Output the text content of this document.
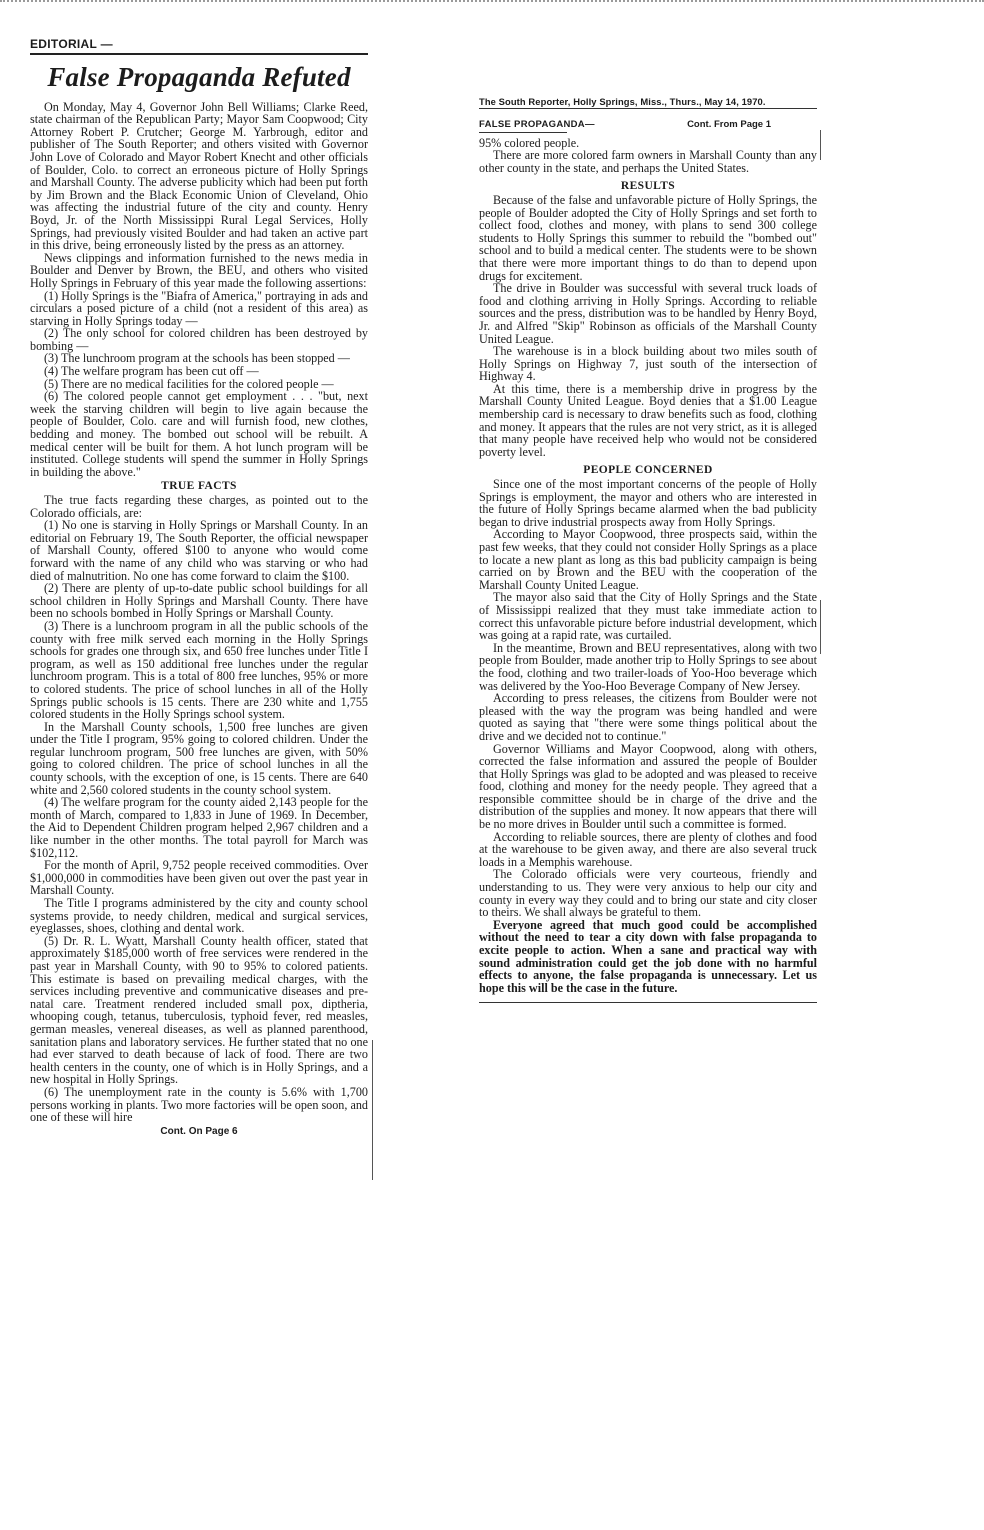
EDITORIAL —
False Propaganda Refuted

On Monday, May 4, Governor John Bell Williams; Clarke Reed, state chairman of the Republican Party; Mayor Sam Coopwood; City Attorney Robert P. Crutcher; George M. Yarbrough, editor and publisher of The South Reporter; and others visited with Governor John Love of Colorado and Mayor Robert Knecht and other officials of Boulder, Colo. to correct an erroneous picture of Holly Springs and Marshall County. The adverse publicity which had been put forth by Jim Brown and the Black Economic Union of Cleveland, Ohio was affecting the industrial future of the city and county. Henry Boyd, Jr. of the North Mississippi Rural Legal Services, Holly Springs, had previously visited Boulder and had taken an active part in this drive, being erroneously listed by the press as an attorney.

News clippings and information furnished to the news media in Boulder and Denver by Brown, the BEU, and others who visited Holly Springs in February of this year made the following assertions:

(1) Holly Springs is the "Biafra of America," portraying in ads and circulars a posed picture of a child (not a resident of this area) as starving in Holly Springs today —

(2) The only school for colored children has been destroyed by bombing —

(3) The lunchroom program at the schools has been stopped —

(4) The welfare program has been cut off —

(5) There are no medical facilities for the colored people —

(6) The colored people cannot get employment . . . "but, next week the starving children will begin to live again because the people of Boulder, Colo. care and will furnish food, new clothes, bedding and money. The bombed out school will be rebuilt. A medical center will be built for them. A hot lunch program will be instituted. College students will spend the summer in Holly Springs in building the above."

TRUE FACTS

The true facts regarding these charges, as pointed out to the Colorado officials, are:

(1) No one is starving in Holly Springs or Marshall County. In an editorial on February 19, The South Reporter, the official newspaper of Marshall County, offered $100 to anyone who would come forward with the name of any child who was starving or who had died of malnutrition. No one has come forward to claim the $100.

(2) There are plenty of up-to-date public school buildings for all school children in Holly Springs and Marshall County. There have been no schools bombed in Holly Springs or Marshall County.

(3) There is a lunchroom program in all the public schools of the county with free milk served each morning in the Holly Springs schools for grades one through six, and 650 free lunches under Title I program, as well as 150 additional free lunches under the regular lunchroom program. This is a total of 800 free lunches, 95% or more to colored students. The price of school lunches in all of the Holly Springs public schools is 15 cents. There are 230 white and 1,755 colored students in the Holly Springs school system.

In the Marshall County schools, 1,500 free lunches are given under the Title I program, 95% going to colored children. Under the regular lunchroom program, 500 free lunches are given, with 50% going to colored children. The price of school lunches in all the county schools, with the exception of one, is 15 cents. There are 640 white and 2,560 colored students in the county school system.

(4) The welfare program for the county aided 2,143 people for the month of March, compared to 1,833 in June of 1969. In December, the Aid to Dependent Children program helped 2,967 children and a like number in the other months. The total payroll for March was $102,112.

For the month of April, 9,752 people received commodities. Over $1,000,000 in commodities have been given out over the past year in Marshall County.

The Title I programs administered by the city and county school systems provide, to needy children, medical and surgical services, eyeglasses, shoes, clothing and dental work.

(5) Dr. R. L. Wyatt, Marshall County health officer, stated that approximately $185,000 worth of free services were rendered in the past year in Marshall County, with 90 to 95% to colored patients. This estimate is based on prevailing medical charges, with the services including preventive and communicative diseases and pre-natal care. Treatment rendered included small pox, diptheria, whooping cough, tetanus, tuberculosis, typhoid fever, red measles, german measles, venereal diseases, as well as planned parenthood, sanitation plans and laboratory services. He further stated that no one had ever starved to death because of lack of food. There are two health centers in the county, one of which is in Holly Springs, and a new hospital in Holly Springs.

(6) The unemployment rate in the county is 5.6% with 1,700 persons working in plants. Two more factories will be open soon, and one of these will hire

Cont. On Page 6
The South Reporter, Holly Springs, Miss., Thurs., May 14, 1970.
FALSE PROPAGANDA—	Cont. From Page 1

95% colored people.

There are more colored farm owners in Marshall County than any other county in the state, and perhaps the United States.

RESULTS

Because of the false and unfavorable picture of Holly Springs, the people of Boulder adopted the City of Holly Springs and set forth to collect food, clothes and money, with plans to send 300 college students to Holly Springs this summer to rebuild the "bombed out" school and to build a medical center. The students were to be shown that there were more important things to do than to depend upon drugs for excitement.

The drive in Boulder was successful with several truck loads of food and clothing arriving in Holly Springs. According to reliable sources and the press, distribution was to be handled by Henry Boyd, Jr. and Alfred "Skip" Robinson as officials of the Marshall County United League.

The warehouse is in a block building about two miles south of Holly Springs on Highway 7, just south of the intersection of Highway 4.

At this time, there is a membership drive in progress by the Marshall County United League. Boyd denies that a $1.00 League membership card is necessary to draw benefits such as food, clothing and money. It appears that the rules are not very strict, as it is alleged that many people have received help who would not be considered poverty level.

PEOPLE CONCERNED

Since one of the most important concerns of the people of Holly Springs is employment, the mayor and others who are interested in the future of Holly Springs became alarmed when the bad publicity began to drive industrial prospects away from Holly Springs.

According to Mayor Coopwood, three prospects said, within the past few weeks, that they could not consider Holly Springs as a place to locate a new plant as long as this bad publicity campaign is being carried on by Brown and the BEU with the cooperation of the Marshall County United League.

The mayor also said that the City of Holly Springs and the State of Mississippi realized that they must take immediate action to correct this unfavorable picture before industrial development, which was going at a rapid rate, was curtailed.

In the meantime, Brown and BEU representatives, along with two people from Boulder, made another trip to Holly Springs to see about the food, clothing and two trailer-loads of Yoo-Hoo beverage which was delivered by the Yoo-Hoo Beverage Company of New Jersey.

According to press releases, the citizens from Boulder were not pleased with the way the program was being handled and were quoted as saying that "there were some things political about the drive and we decided not to continue."

Governor Williams and Mayor Coopwood, along with others, corrected the false information and assured the people of Boulder that Holly Springs was glad to be adopted and was pleased to receive food, clothing and money for the needy people. They agreed that a responsible committee should be in charge of the drive and the distribution of the supplies and money. It now appears that there will be no more drives in Boulder until such a committee is formed.

According to reliable sources, there are plenty of clothes and food at the warehouse to be given away, and there are also several truck loads in a Memphis warehouse.

The Colorado officials were very courteous, friendly and understanding to us. They were very anxious to help our city and county in every way they could and to bring our state and city closer to theirs. We shall always be grateful to them.

Everyone agreed that much good could be accomplished without the need to tear a city down with false propaganda to excite people to action. When a sane and practical way with sound administration could get the job done with no harmful effects to anyone, the false propaganda is unnecessary. Let us hope this will be the case in the future.
